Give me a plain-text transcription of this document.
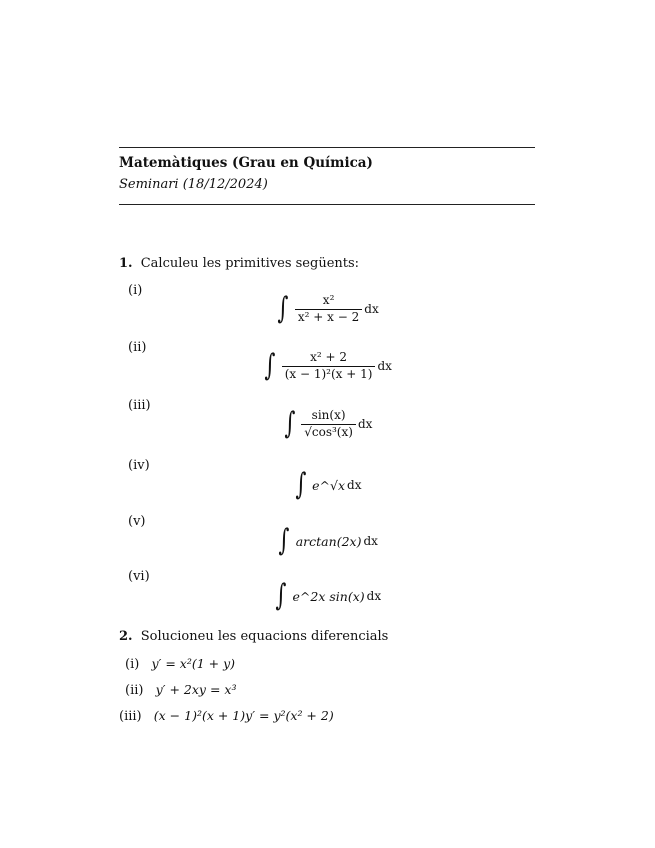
Matemàtiques (Grau en Química)
Seminari (18/12/2024)
1. Calculeu les primitives següents:
(i)
∫ $\frac{\text{x²}}{\text{x² + x − 2}}$ dx
(ii)
∫ $\frac{\text{x² + 2}}{\text{(x − 1)²(x + 1)}}$ dx
(iii)
∫ $\frac{\sin(x)}{\text{√cos³(x)}}$ dx
(iv)
∫ e^√x dx
(v)
∫ arctan(2x) dx
(vi)
∫ e^2x sin(x) dx
2. Solucioneu les equacions diferencials
(i) y′ = x²(1 + y)
(ii) y′ + 2xy = x³
(iii) (x − 1)²(x + 1)y′ = y²(x² + 2)
